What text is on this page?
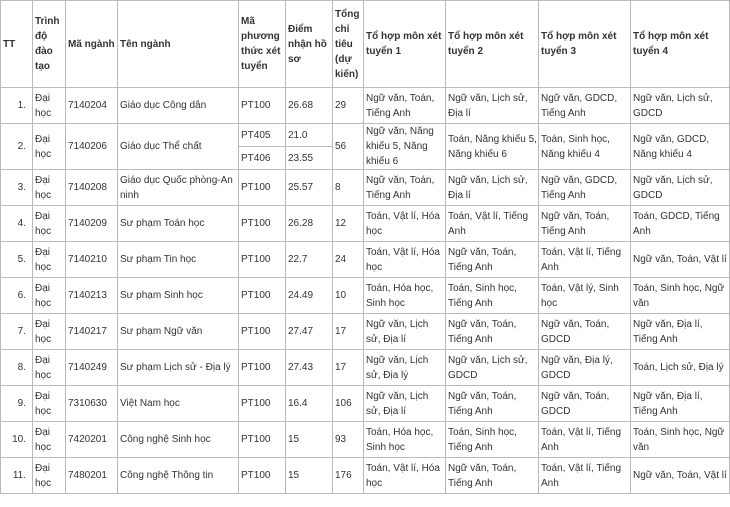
TT	Trình độ đào tạo	Mã ngành	Tên ngành	Mã phương thức xét tuyển	Điểm nhận hồ sơ	Tổng chỉ tiêu (dự kiến)	Tổ hợp môn xét tuyển 1	Tổ hợp môn xét tuyển 2	Tổ hợp môn xét tuyển 3	Tổ hợp môn xét tuyển 4
1.	Đại học	7140204	Giáo dục Công dân	PT100	26.68	29	Ngữ văn, Toán, Tiếng Anh	Ngữ văn, Lịch sử, Địa lí	Ngữ văn, GDCD, Tiếng Anh	Ngữ văn, Lịch sử, GDCD
2.	Đại học	7140206	Giáo dục Thể chất	PT405	21.0	56	Ngữ văn, Năng khiếu 5, Năng khiếu 6	Toán, Năng khiếu 5, Năng khiếu 6	Toán, Sinh học, Năng khiếu 4	Ngữ văn, GDCD, Năng khiếu 4
				PT406	23.55					
3.	Đại học	7140208	Giáo dục Quốc phòng-An ninh	PT100	25.57	8	Ngữ văn, Toán, Tiếng Anh	Ngữ văn, Lịch sử, Địa lí	Ngữ văn, GDCD, Tiếng Anh	Ngữ văn, Lịch sử, GDCD
4.	Đại học	7140209	Sư phạm Toán học	PT100	26.28	12	Toán, Vật lí, Hóa học	Toán, Vật lí, Tiếng Anh	Ngữ văn, Toán, Tiếng Anh	Toán, GDCD, Tiếng Anh
5.	Đại học	7140210	Sư phạm Tin học	PT100	22.7	24	Toán, Vật lí, Hóa học	Ngữ văn, Toán, Tiếng Anh	Toán, Vật lí, Tiếng Anh	Ngữ văn, Toán, Vật lí
6.	Đại học	7140213	Sư phạm Sinh học	PT100	24.49	10	Toán, Hóa học, Sinh học	Toán, Sinh học, Tiếng Anh	Toán, Vật lý, Sinh học	Toán, Sinh học, Ngữ văn
7.	Đại học	7140217	Sư phạm Ngữ văn	PT100	27.47	17	Ngữ văn, Lịch sử, Địa lí	Ngữ văn, Toán, Tiếng Anh	Ngữ văn, Toán, GDCD	Ngữ văn, Địa lí, Tiếng Anh
8.	Đại học	7140249	Sư phạm Lịch sử - Địa lý	PT100	27.43	17	Ngữ văn, Lịch sử, Địa lý	Ngữ văn, Lịch sử, GDCD	Ngữ văn, Địa lý, GDCD	Toán, Lịch sử, Địa lý
9.	Đại học	7310630	Việt Nam học	PT100	16.4	106	Ngữ văn, Lịch sử, Địa lí	Ngữ văn, Toán, Tiếng Anh	Ngữ văn, Toán, GDCD	Ngữ văn, Địa lí, Tiếng Anh
10.	Đại học	7420201	Công nghệ Sinh học	PT100	15	93	Toán, Hóa học, Sinh học	Toán, Sinh học, Tiếng Anh	Toán, Vật lí, Tiếng Anh	Toán, Sinh học, Ngữ văn
11.	Đại học	7480201	Công nghệ Thông tin	PT100	15	176	Toán, Vật lí, Hóa học	Ngữ văn, Toán, Tiếng Anh	Toán, Vật lí, Tiếng Anh	Ngữ văn, Toán, Vật lí
